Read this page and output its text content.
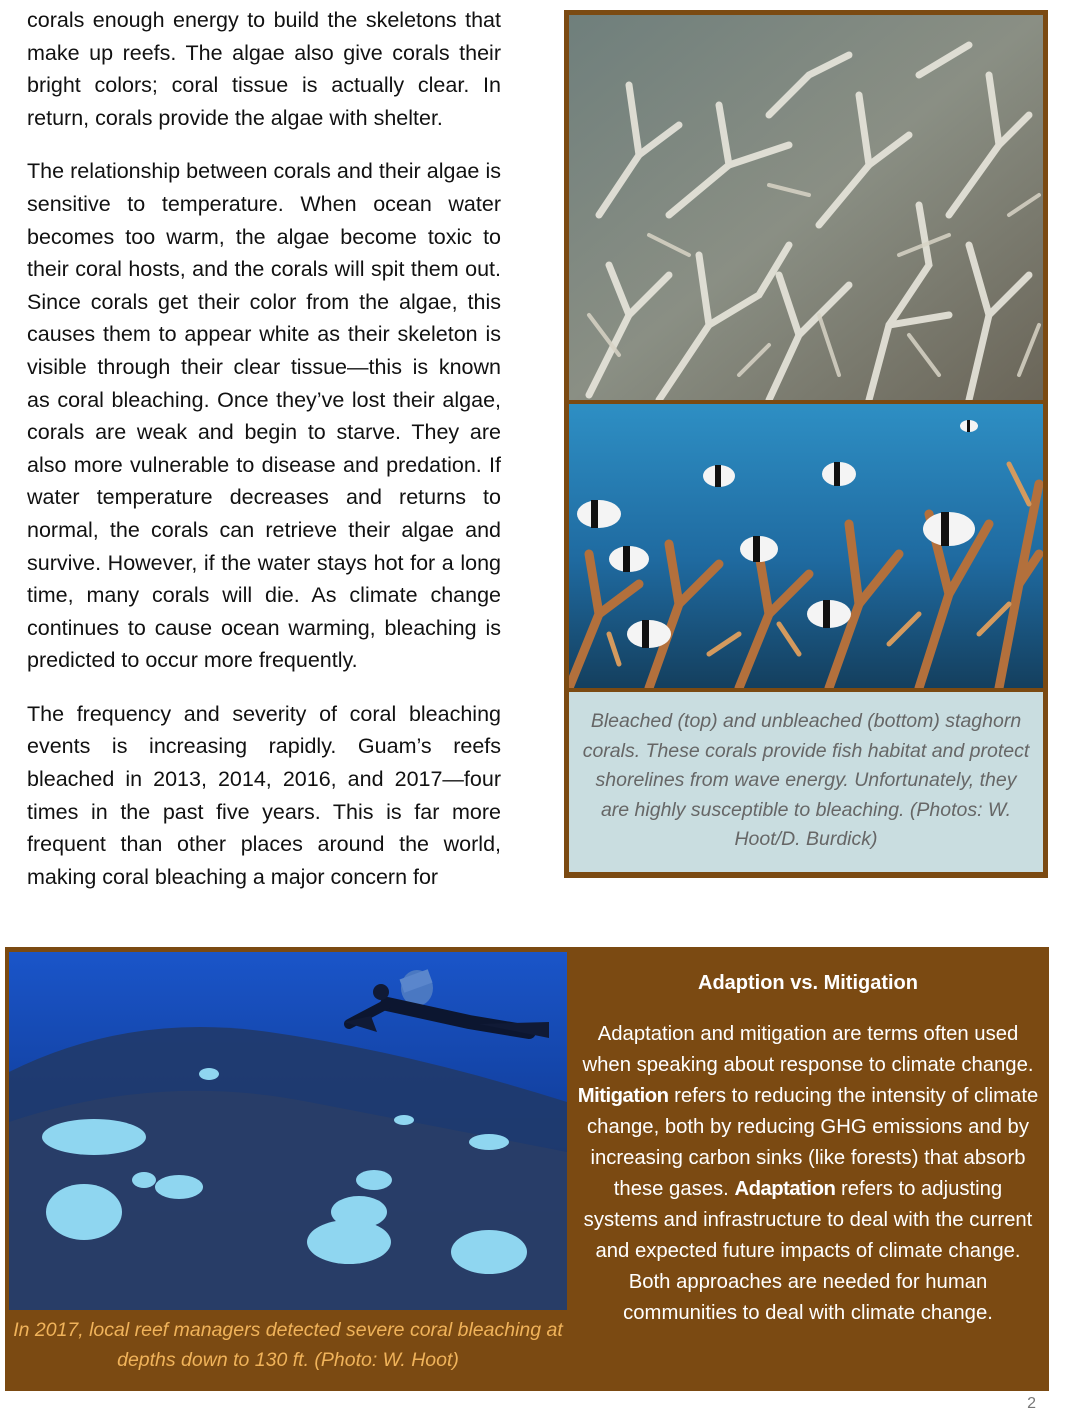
corals enough energy to build the skeletons that make up reefs. The algae also give corals their bright colors; coral tissue is actually clear. In return, corals provide the algae with shelter.

The relationship between corals and their algae is sensitive to temperature. When ocean water becomes too warm, the algae become toxic to their coral hosts, and the corals will spit them out. Since corals get their color from the algae, this causes them to appear white as their skeleton is visible through their clear tissue—this is known as coral bleaching. Once they’ve lost their algae, corals are weak and begin to starve. They are also more vulnerable to disease and predation. If water temperature decreases and returns to normal, the corals can retrieve their algae and survive. However, if the water stays hot for a long time, many corals will die. As climate change continues to cause ocean warming, bleaching is predicted to occur more frequently.

The frequency and severity of coral bleaching events is increasing rapidly. Guam’s reefs bleached in 2013, 2014, 2016, and 2017—four times in the past five years. This is far more frequent than other places around the world, making coral bleaching a major concern for

Bleached (top) and unbleached (bottom) staghorn corals. These corals provide fish habitat and protect shorelines from wave energy. Unfortunately, they are highly susceptible to bleaching. (Photos: W. Hoot/D. Burdick)
In 2017, local reef managers detected severe coral bleaching at depths down to 130 ft. (Photo: W. Hoot)
Adaption vs. Mitigation
Adaptation and mitigation are terms often used when speaking about response to climate change. Mitigation refers to reducing the intensity of climate change, both by reducing GHG emissions and by increasing carbon sinks (like forests) that absorb these gases. Adaptation refers to adjusting systems and infrastructure to deal with the current and expected future impacts of climate change. Both approaches are needed for human communities to deal with climate change.
2
